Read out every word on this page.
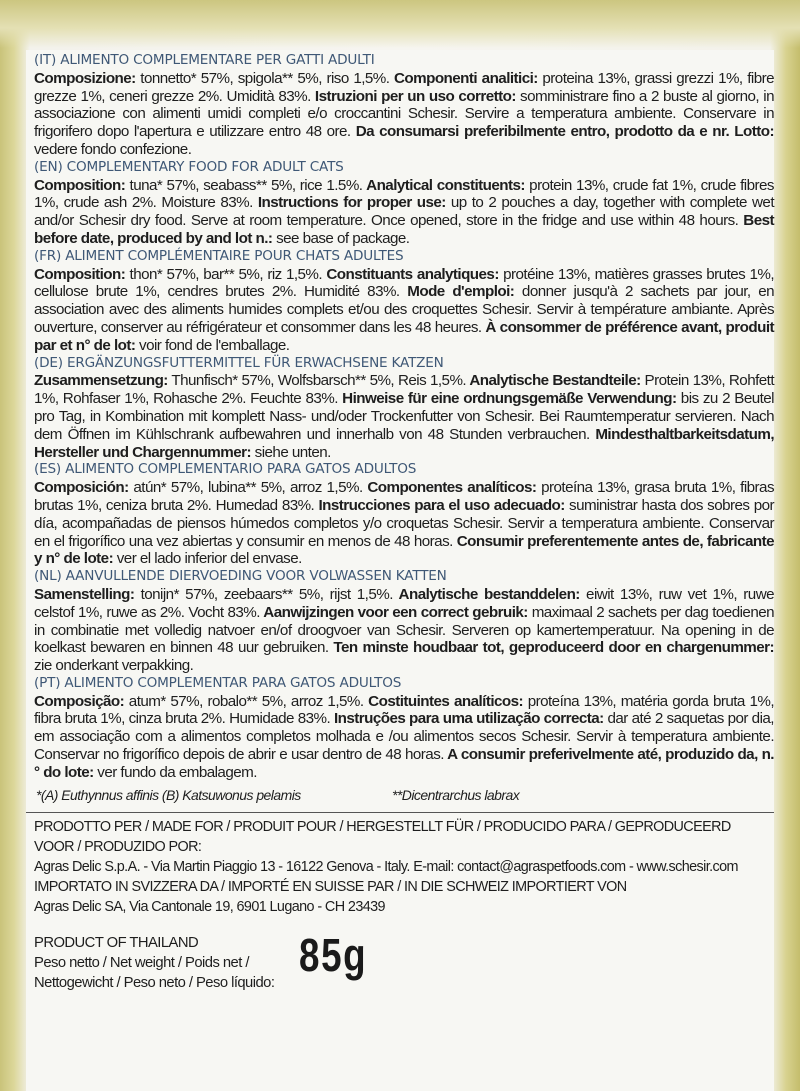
(IT) ALIMENTO COMPLEMENTARE PER GATTI ADULTI
Composizione: tonnetto* 57%, spigola** 5%, riso 1,5%. Componenti analitici: proteina 13%, grassi grezzi 1%, fibre grezze 1%, ceneri grezze 2%. Umidità 83%. Istruzioni per un uso corretto: somministrare fino a 2 buste al giorno, in associazione con alimenti umidi completi e/o croccantini Schesir. Servire a temperatura ambiente. Conservare in frigorifero dopo l'apertura e utilizzare entro 48 ore. Da consumarsi preferibilmente entro, prodotto da e nr. Lotto: vedere fondo confezione.
(EN) COMPLEMENTARY FOOD FOR ADULT CATS
Composition: tuna* 57%, seabass** 5%, rice 1.5%. Analytical constituents: protein 13%, crude fat 1%, crude fibres 1%, crude ash 2%. Moisture 83%. Instructions for proper use: up to 2 pouches a day, together with complete wet and/or Schesir dry food. Serve at room temperature. Once opened, store in the fridge and use within 48 hours. Best before date, produced by and lot n.: see base of package.
(FR) ALIMENT COMPLÉMENTAIRE POUR CHATS ADULTES
Composition: thon* 57%, bar** 5%, riz 1,5%. Constituants analytiques: protéine 13%, matières grasses brutes 1%, cellulose brute 1%, cendres brutes 2%. Humidité 83%. Mode d'emploi: donner jusqu'à 2 sachets par jour, en association avec des aliments humides complets et/ou des croquettes Schesir. Servir à température ambiante. Après ouverture, conserver au réfrigérateur et consommer dans les 48 heures. À consommer de préférence avant, produit par et n° de lot: voir fond de l'emballage.
(DE) ERGÄNZUNGSFUTTERMITTEL FÜR ERWACHSENE KATZEN
Zusammensetzung: Thunfisch* 57%, Wolfsbarsch** 5%, Reis 1,5%. Analytische Bestandteile: Protein 13%, Rohfett 1%, Rohfaser 1%, Rohasche 2%. Feuchte 83%. Hinweise für eine ordnungsgemäße Verwendung: bis zu 2 Beutel pro Tag, in Kombination mit komplett Nass- und/oder Trockenfutter von Schesir. Bei Raumtemperatur servieren. Nach dem Öffnen im Kühlschrank aufbewahren und innerhalb von 48 Stunden verbrauchen. Mindesthaltbarkeitsdatum, Hersteller und Chargennummer: siehe unten.
(ES) ALIMENTO COMPLEMENTARIO PARA GATOS ADULTOS
Composición: atún* 57%, lubina** 5%, arroz 1,5%. Componentes analíticos: proteína 13%, grasa bruta 1%, fibras brutas 1%, ceniza bruta 2%. Humedad 83%. Instrucciones para el uso adecuado: suministrar hasta dos sobres por día, acompañadas de piensos húmedos completos y/o croquetas Schesir. Servir a temperatura ambiente. Conservar en el frigorífico una vez abiertas y consumir en menos de 48 horas. Consumir preferentemente antes de, fabricante y n° de lote: ver el lado inferior del envase.
(NL) AANVULLENDE DIERVOEDING VOOR VOLWASSEN KATTEN
Samenstelling: tonijn* 57%, zeebaars** 5%, rijst 1,5%. Analytische bestanddelen: eiwit 13%, ruw vet 1%, ruwe celstof 1%, ruwe as 2%. Vocht 83%. Aanwijzingen voor een correct gebruik: maximaal 2 sachets per dag toedienen in combinatie met volledig natvoer en/of droogvoer van Schesir. Serveren op kamertemperatuur. Na opening in de koelkast bewaren en binnen 48 uur gebruiken. Ten minste houdbaar tot, geproduceerd door en chargenummer: zie onderkant verpakking.
(PT) ALIMENTO COMPLEMENTAR PARA GATOS ADULTOS
Composição: atum* 57%, robalo** 5%, arroz 1,5%. Costituintes analíticos: proteína 13%, matéria gorda bruta 1%, fibra bruta 1%, cinza bruta 2%. Humidade 83%. Instruções para uma utilização correcta: dar até 2 saquetas por dia, em associação com a alimentos completos molhada e /ou alimentos secos Schesir. Servir à temperatura ambiente. Conservar no frigorífico depois de abrir e usar dentro de 48 horas. A consumir preferivelmente até, produzido da, n.° do lote: ver fundo da embalagem.
*(A) Euthynnus affinis (B) Katsuwonus pelamis	**Dicentrarchus labrax
PRODOTTO PER / MADE FOR / PRODUIT POUR / HERGESTELLT FÜR / PRODUCIDO PARA / GEPRODUCEERD VOOR / PRODUZIDO POR:
Agras Delic S.p.A. - Via Martin Piaggio 13 - 16122 Genova - Italy. E-mail: contact@agraspetfoods.com - www.schesir.com
IMPORTATO IN SVIZZERA DA / IMPORTÉ EN SUISSE PAR / IN DIE SCHWEIZ IMPORTIERT VON
Agras Delic SA, Via Cantonale 19, 6901 Lugano - CH 23439
PRODUCT OF THAILAND
Peso netto / Net weight / Poids net /
Nettogewicht / Peso neto / Peso líquido:
85g
